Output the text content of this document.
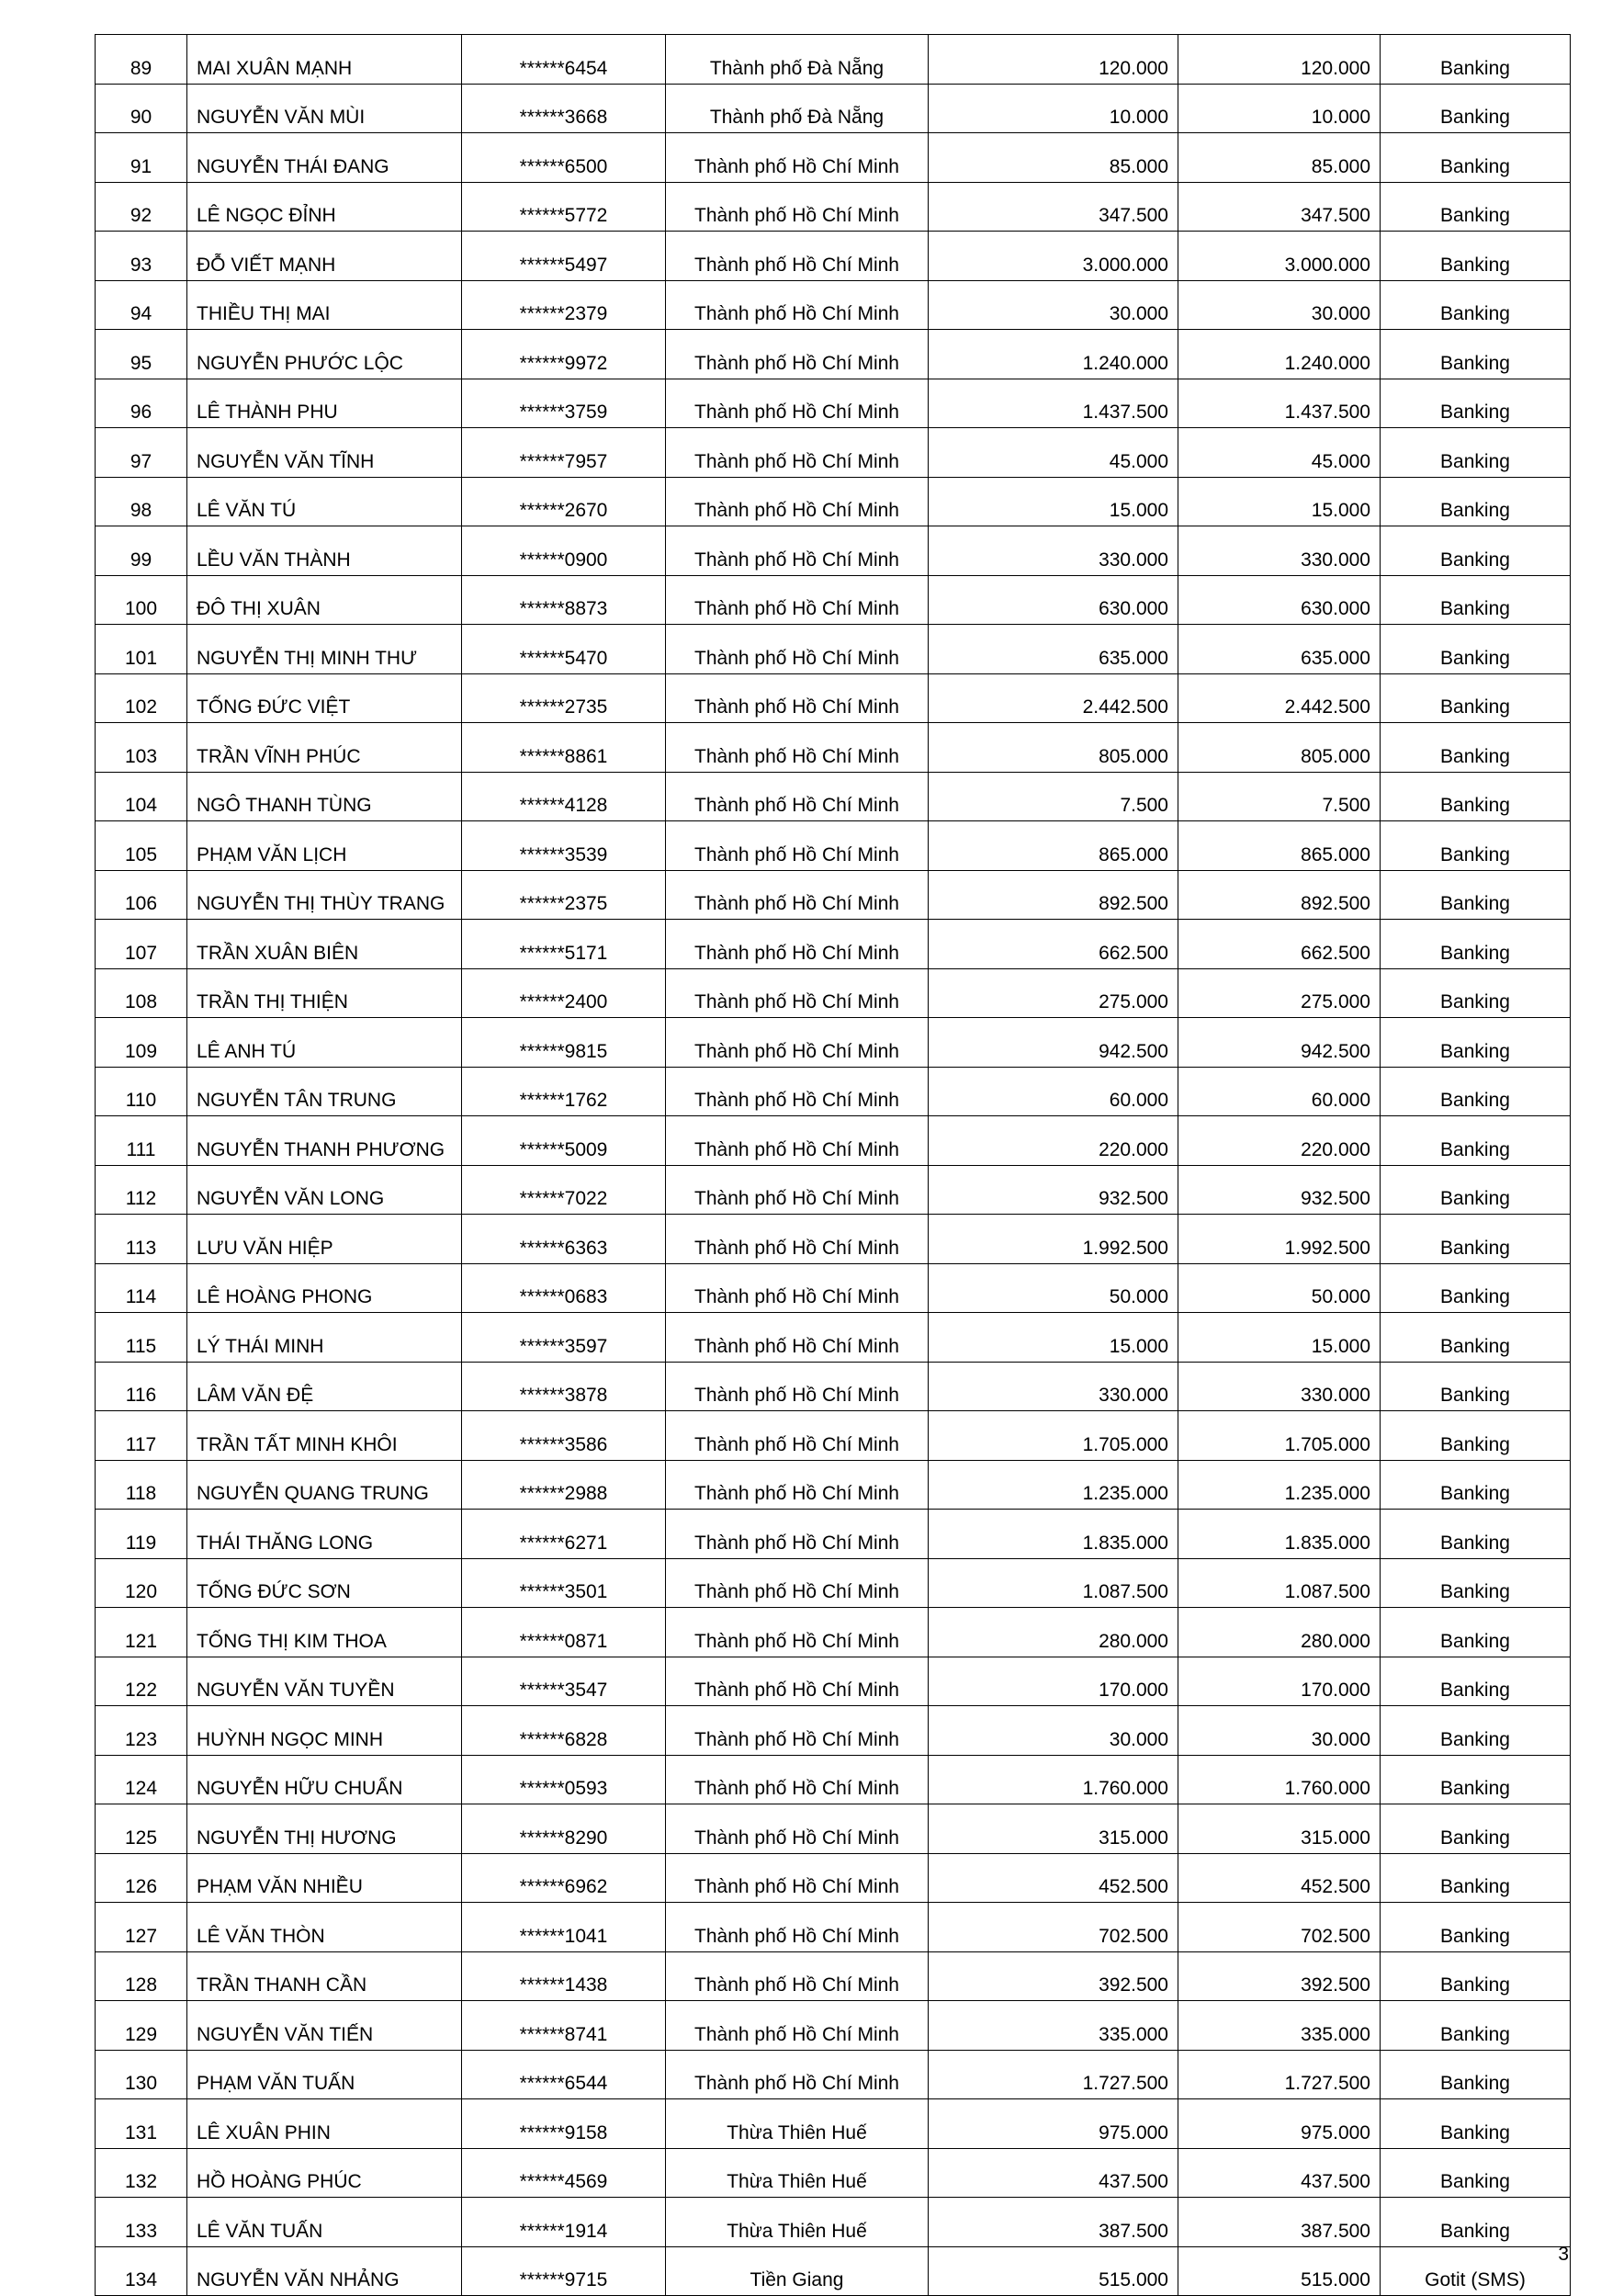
89	MAI XUÂN MẠNH	******6454	Thành phố Đà Nẵng	120.000	120.000	Banking
90	NGUYỄN VĂN MÙI	******3668	Thành phố Đà Nẵng	10.000	10.000	Banking
91	NGUYỄN THÁI ĐANG	******6500	Thành phố Hồ Chí Minh	85.000	85.000	Banking
92	LÊ NGỌC ĐỈNH	******5772	Thành phố Hồ Chí Minh	347.500	347.500	Banking
93	ĐỖ VIẾT MẠNH	******5497	Thành phố Hồ Chí Minh	3.000.000	3.000.000	Banking
94	THIỀU THỊ MAI	******2379	Thành phố Hồ Chí Minh	30.000	30.000	Banking
95	NGUYỄN PHƯỚC LỘC	******9972	Thành phố Hồ Chí Minh	1.240.000	1.240.000	Banking
96	LÊ THÀNH PHU	******3759	Thành phố Hồ Chí Minh	1.437.500	1.437.500	Banking
97	NGUYỄN VĂN TĨNH	******7957	Thành phố Hồ Chí Minh	45.000	45.000	Banking
98	LÊ VĂN TÚ	******2670	Thành phố Hồ Chí Minh	15.000	15.000	Banking
99	LỀU VĂN THÀNH	******0900	Thành phố Hồ Chí Minh	330.000	330.000	Banking
100	ĐÔ THỊ XUÂN	******8873	Thành phố Hồ Chí Minh	630.000	630.000	Banking
101	NGUYỄN THỊ MINH THƯ	******5470	Thành phố Hồ Chí Minh	635.000	635.000	Banking
102	TỐNG ĐỨC VIỆT	******2735	Thành phố Hồ Chí Minh	2.442.500	2.442.500	Banking
103	TRẦN VĨNH PHÚC	******8861	Thành phố Hồ Chí Minh	805.000	805.000	Banking
104	NGÔ THANH TÙNG	******4128	Thành phố Hồ Chí Minh	7.500	7.500	Banking
105	PHẠM VĂN LỊCH	******3539	Thành phố Hồ Chí Minh	865.000	865.000	Banking
106	NGUYỄN THỊ THÙY TRANG	******2375	Thành phố Hồ Chí Minh	892.500	892.500	Banking
107	TRẦN XUÂN BIÊN	******5171	Thành phố Hồ Chí Minh	662.500	662.500	Banking
108	TRẦN THỊ THIỆN	******2400	Thành phố Hồ Chí Minh	275.000	275.000	Banking
109	LÊ ANH TÚ	******9815	Thành phố Hồ Chí Minh	942.500	942.500	Banking
110	NGUYỄN TÂN TRUNG	******1762	Thành phố Hồ Chí Minh	60.000	60.000	Banking
111	NGUYỄN THANH PHƯƠNG	******5009	Thành phố Hồ Chí Minh	220.000	220.000	Banking
112	NGUYỄN VĂN LONG	******7022	Thành phố Hồ Chí Minh	932.500	932.500	Banking
113	LƯU VĂN HIỆP	******6363	Thành phố Hồ Chí Minh	1.992.500	1.992.500	Banking
114	LÊ HOÀNG PHONG	******0683	Thành phố Hồ Chí Minh	50.000	50.000	Banking
115	LÝ THÁI MINH	******3597	Thành phố Hồ Chí Minh	15.000	15.000	Banking
116	LÂM VĂN ĐỆ	******3878	Thành phố Hồ Chí Minh	330.000	330.000	Banking
117	TRẦN TẤT MINH KHÔI	******3586	Thành phố Hồ Chí Minh	1.705.000	1.705.000	Banking
118	NGUYỄN QUANG TRUNG	******2988	Thành phố Hồ Chí Minh	1.235.000	1.235.000	Banking
119	THÁI THĂNG LONG	******6271	Thành phố Hồ Chí Minh	1.835.000	1.835.000	Banking
120	TỐNG ĐỨC SƠN	******3501	Thành phố Hồ Chí Minh	1.087.500	1.087.500	Banking
121	TỐNG THỊ KIM THOA	******0871	Thành phố Hồ Chí Minh	280.000	280.000	Banking
122	NGUYỄN VĂN TUYỀN	******3547	Thành phố Hồ Chí Minh	170.000	170.000	Banking
123	HUỲNH NGỌC MINH	******6828	Thành phố Hồ Chí Minh	30.000	30.000	Banking
124	NGUYỄN HỮU CHUẨN	******0593	Thành phố Hồ Chí Minh	1.760.000	1.760.000	Banking
125	NGUYỄN THỊ HƯƠNG	******8290	Thành phố Hồ Chí Minh	315.000	315.000	Banking
126	PHẠM VĂN NHIỀU	******6962	Thành phố Hồ Chí Minh	452.500	452.500	Banking
127	LÊ VĂN THÒN	******1041	Thành phố Hồ Chí Minh	702.500	702.500	Banking
128	TRẦN THANH CẦN	******1438	Thành phố Hồ Chí Minh	392.500	392.500	Banking
129	NGUYỄN VĂN TIẾN	******8741	Thành phố Hồ Chí Minh	335.000	335.000	Banking
130	PHẠM VĂN TUẤN	******6544	Thành phố Hồ Chí Minh	1.727.500	1.727.500	Banking
131	LÊ XUÂN PHIN	******9158	Thừa Thiên Huế	975.000	975.000	Banking
132	HỒ HOÀNG PHÚC	******4569	Thừa Thiên Huế	437.500	437.500	Banking
133	LÊ VĂN TUẤN	******1914	Thừa Thiên Huế	387.500	387.500	Banking
134	NGUYỄN VĂN NHẢNG	******9715	Tiền Giang	515.000	515.000	Gotit (SMS)
3
